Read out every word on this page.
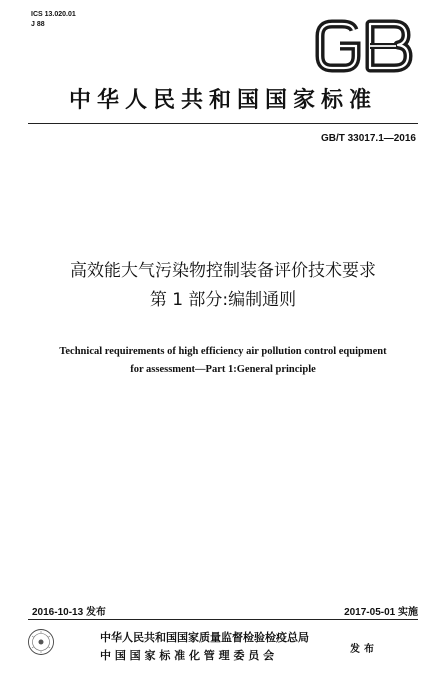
ICS 13.020.01
J 88
中华人民共和国国家标准
GB/T 33017.1—2016
高效能大气污染物控制装备评价技术要求
第 1 部分:编制通则
Technical requirements of high efficiency air pollution control equipment
for assessment—Part 1:General principle
2016-10-13 发布	2017-05-01 实施
中华人民共和国国家质量监督检验检疫总局
中 国 国 家 标 准 化 管 理 委 员 会	发布
